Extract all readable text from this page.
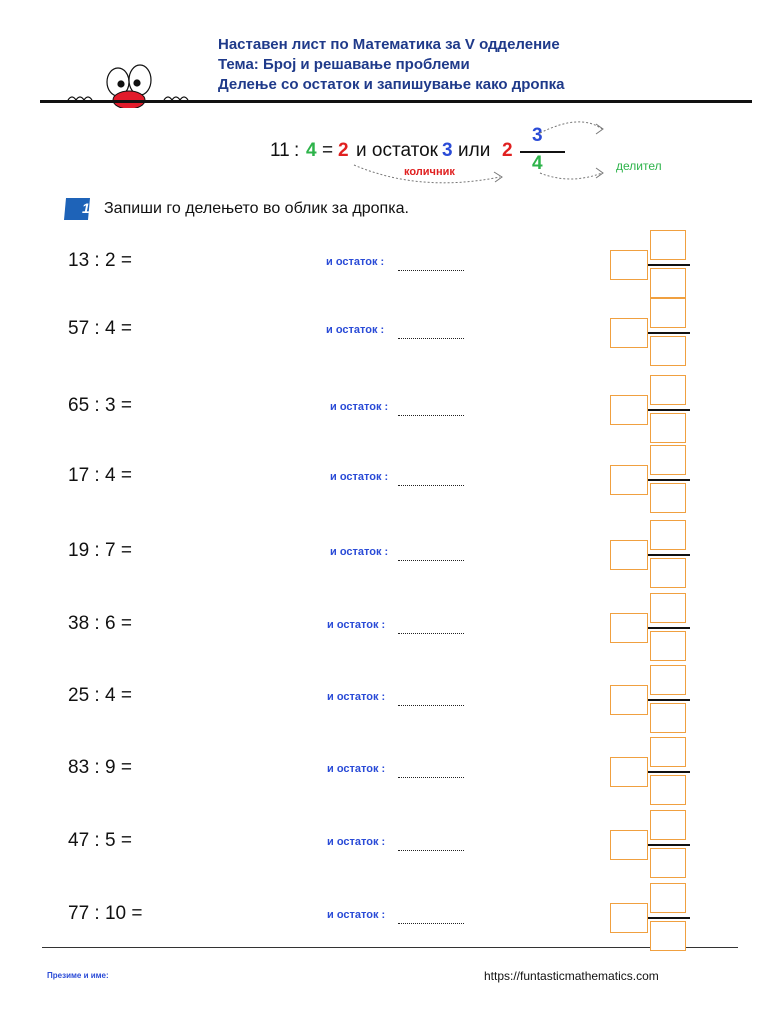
Наставен лист по Математика за V одделение
Тема: Број и решавање проблеми
Делење со остаток и запишување како дропка
11 : 4 = 2 и остаток 3 или 2
3
4
количник	делител
1 Запиши го делењето во облик за дропка.
13 : 2 =	и остаток :
57 : 4 =	и остаток :
65 : 3 =	и остаток :
17 : 4 =	и остаток :
19 : 7 =	и остаток :
38 : 6 =	и остаток :
25 : 4 =	и остаток :
83 : 9 =	и остаток :
47 : 5 =	и остаток :
77 : 10 =	и остаток :
Презиме и име:	https://funtasticmathematics.com
